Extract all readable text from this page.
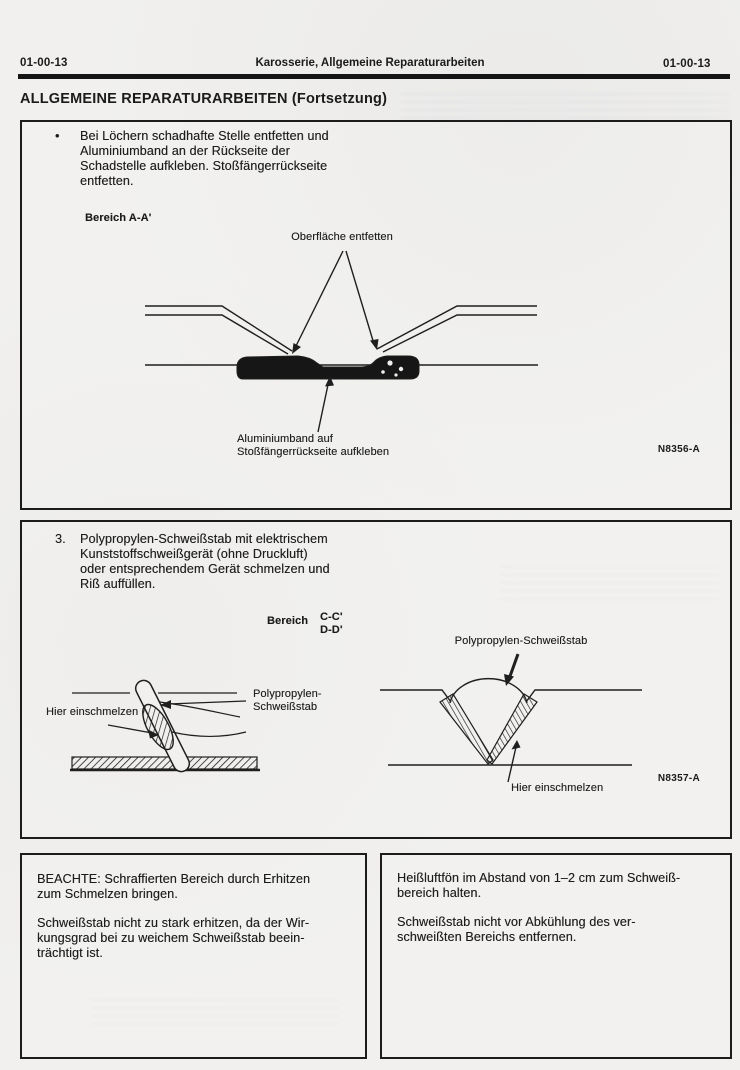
01-00-13	Karosserie, Allgemeine Reparaturarbeiten	01-00-13
ALLGEMEINE REPARATURARBEITEN (Fortsetzung)
• Bei Löchern schadhafte Stelle entfetten und
Aluminiumband an der Rückseite der
Schadstelle aufkleben. Stoßfängerrückseite
entfetten.
Bereich A-A'
Oberfläche entfetten
Aluminiumband auf
Stoßfängerrückseite aufkleben	N8356-A
3. Polypropylen-Schweißstab mit elektrischem
Kunststoffschweißgerät (ohne Druckluft)
oder entsprechendem Gerät schmelzen und
Riß auffüllen.
Bereich C-C'
D-D'
Hier einschmelzen
Polypropylen-
Schweißstab
Polypropylen-Schweißstab
Hier einschmelzen
N8357-A
BEACHTE: Schraffierten Bereich durch Erhitzen
zum Schmelzen bringen.
Schweißstab nicht zu stark erhitzen, da der Wir-
kungsgrad bei zu weichem Schweißstab beein-
trächtigt ist.
Heißluftfön im Abstand von 1–2 cm zum Schweiß-
bereich halten.
Schweißstab nicht vor Abkühlung des ver-
schweißten Bereichs entfernen.
